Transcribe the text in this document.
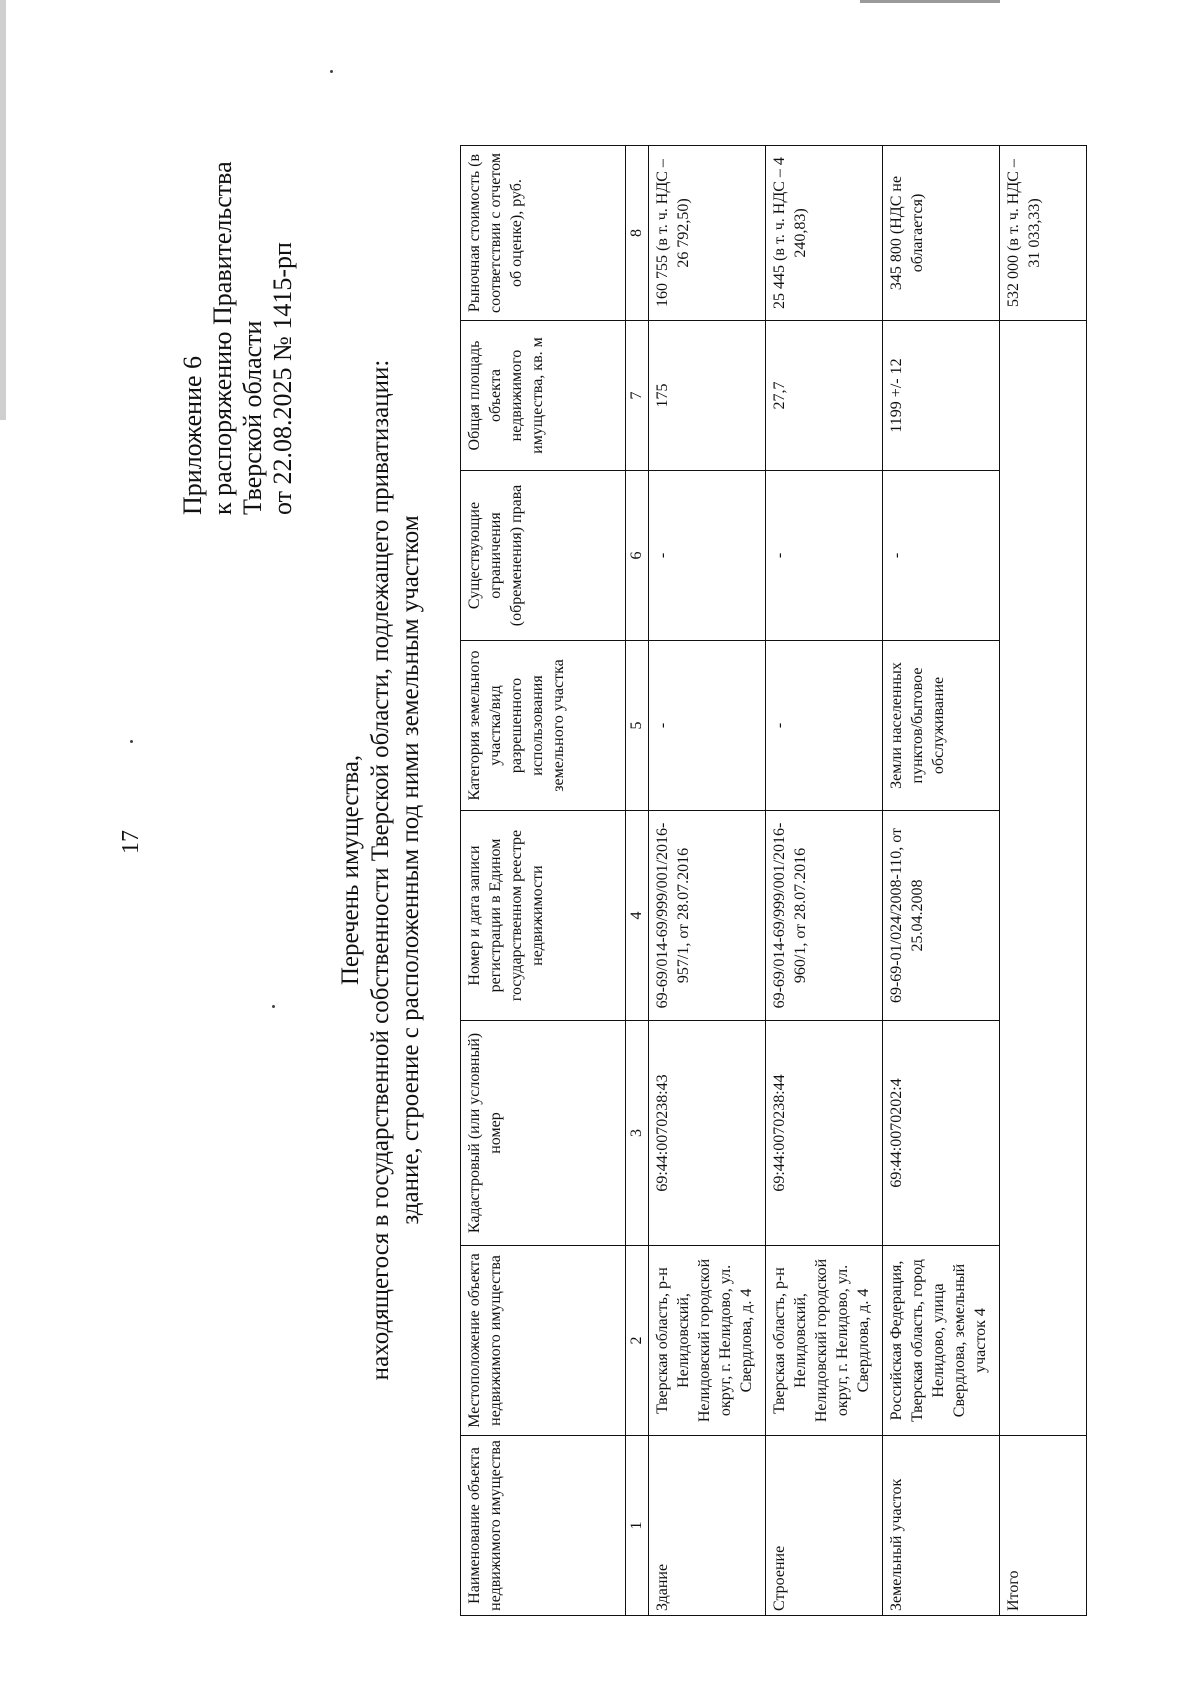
17
Приложение 6 к распоряжению Правительства Тверской области от 22.08.2025 № 1415-рп
Перечень имущества, находящегося в государственной собственности Тверской области, подлежащего приватизации: здание, строение с расположенным под ними земельным участком
Наименование объекта недвижимого имущества	Местоположение объекта недвижимого имущества	Кадастровый (или условный) номер	Номер и дата записи регистрации в Едином государственном реестре недвижимости	Категория земельного участка/вид разрешенного использования земельного участка	Существующие ограничения (обременения) права	Общая площадь объекта недвижимого имущества, кв. м	Рыночная стоимость (в соответствии с отчетом об оценке), руб.
1	2	3	4	5	6	7	8
Здание	Тверская область, р-н Нелидовский, Нелидовский городской округ, г. Нелидово, ул. Свердлова, д. 4	69:44:0070238:43	69-69/014-69/999/001/2016-957/1, от 28.07.2016	-	-	175	160 755 (в т. ч. НДС – 26 792,50)
Строение	Тверская область, р-н Нелидовский, Нелидовский городской округ, г. Нелидово, ул. Свердлова, д. 4	69:44:0070238:44	69-69/014-69/999/001/2016-960/1, от 28.07.2016	-	-	27,7	25 445 (в т. ч. НДС – 4 240,83)
Земельный участок	Российская Федерация, Тверская область, город Нелидово, улица Свердлова, земельный участок 4	69:44:0070202:4	69-69-01/024/2008-110, от 25.04.2008	Земли населенных пунктов/бытовое обслуживание	-	1199 +/- 12	345 800 (НДС не облагается)
Итого							532 000 (в т. ч. НДС – 31 033,33)
